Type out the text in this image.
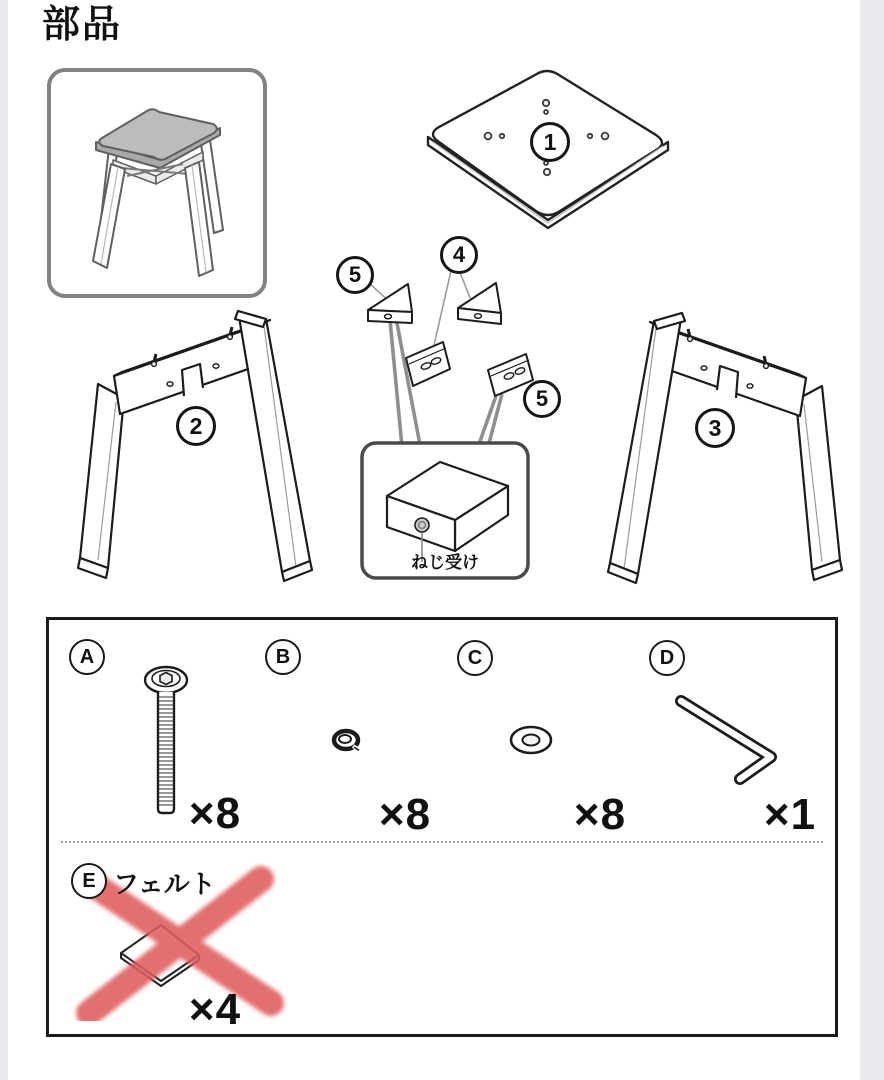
部品
1
4
5
5
ねじ受け
2	3
A	B	C	D
×8	×8	×8	×1
E フェルト
×4
